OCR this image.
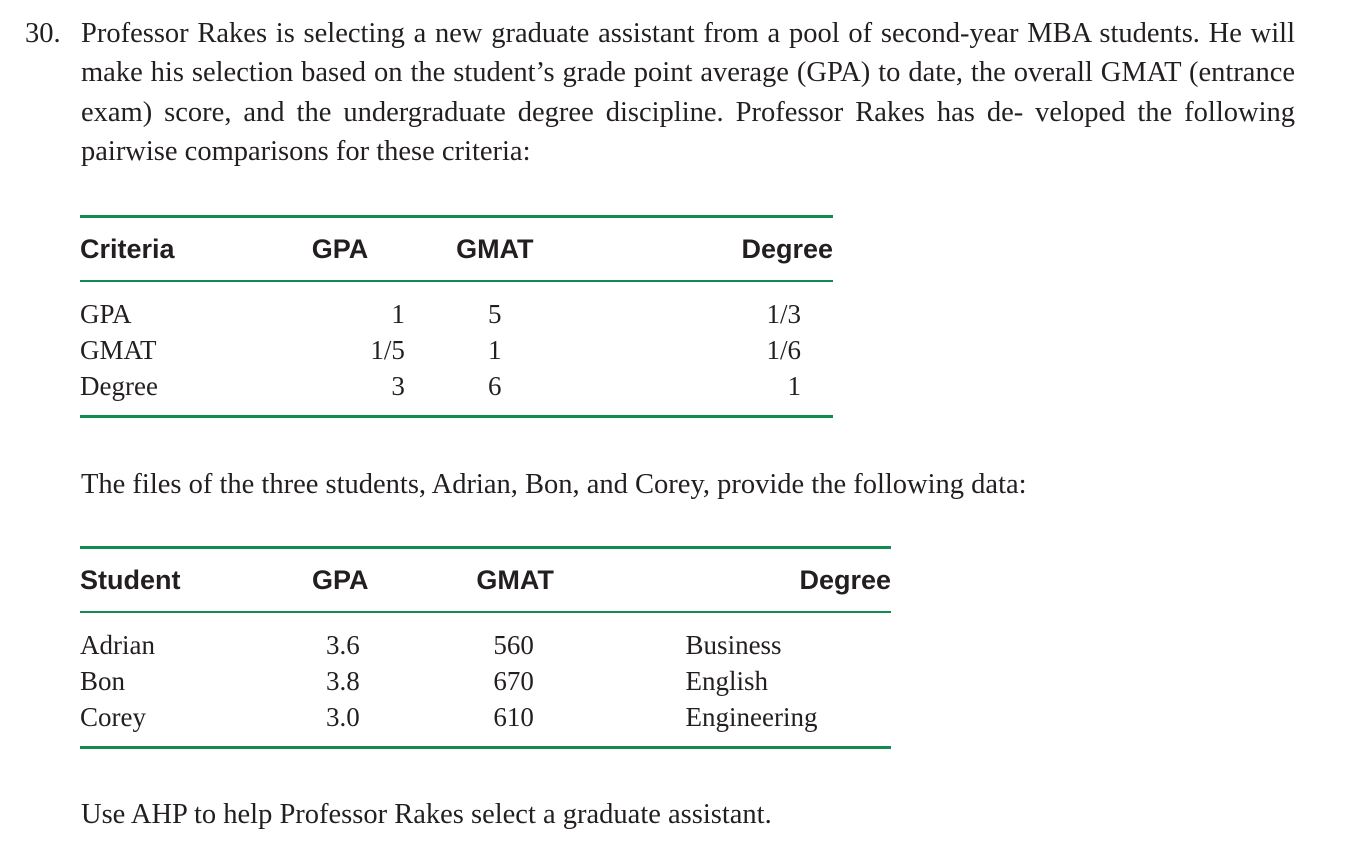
30. Professor Rakes is selecting a new graduate assistant from a pool of second-year MBA students. He will make his selection based on the student’s grade point average (GPA) to date, the overall GMAT (entrance exam) score, and the undergraduate degree discipline. Professor Rakes has de- veloped the following pairwise comparisons for these criteria:
Criteria	GPA	GMAT	Degree
GPA	1	5	1/3
GMAT	1/5	1	1/6
Degree	3	6	1
The files of the three students, Adrian, Bon, and Corey, provide the following data:
Student	GPA	GMAT	Degree
Adrian	3.6	560	Business
Bon	3.8	670	English
Corey	3.0	610	Engineering
Use AHP to help Professor Rakes select a graduate assistant.
